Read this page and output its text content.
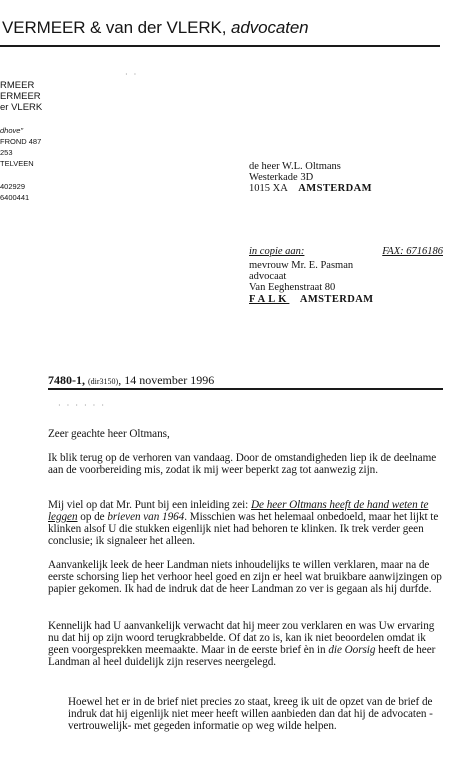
VERMEER & van der VLERK, advocaten
· ·
RMEER
ERMEER
er VLERK
dhove"
FROND 487
253
TELVEEN
402929
6400441
de heer W.L. Oltmans
Westerkade 3D
1015 XA AMSTERDAM
in copie aan:	FAX: 6716186
mevrouw Mr. E. Pasman
advocaat
Van Eeghenstraat 80
FALK AMSTERDAM
7480-1, (dir3150), 14 november 1996
· · · · · ·

Zeer geachte heer Oltmans,

Ik blik terug op de verhoren van vandaag. Door de omstandigheden liep ik de deelname aan de voorbereiding mis, zodat ik mij weer beperkt zag tot aanwezig zijn.

Mij viel op dat Mr. Punt bij een inleiding zei: De heer Oltmans heeft de hand weten te leggen op de brieven van 1964. Misschien was het helemaal onbedoeld, maar het lijkt te klinken alsof U die stukken eigenlijk niet had behoren te klinken. Ik trek verder geen conclusie; ik signaleer het alleen.

Aanvankelijk leek de heer Landman niets inhoudelijks te willen verklaren, maar na de eerste schorsing liep het verhoor heel goed en zijn er heel wat bruikbare aanwijzingen op papier gekomen. Ik had de indruk dat de heer Landman zo ver is gegaan als hij durfde.

Kennelijk had U aanvankelijk verwacht dat hij meer zou verklaren en was Uw ervaring nu dat hij op zijn woord terugkrabbelde. Of dat zo is, kan ik niet beoordelen omdat ik geen voorgesprekken meemaakte. Maar in de eerste brief èn in die Oorsig heeft de heer Landman al heel duidelijk zijn reserves neergelegd.

Hoewel het er in de brief niet precies zo staat, kreeg ik uit de opzet van de brief de indruk dat hij eigenlijk niet meer heeft willen aanbieden dan dat hij de advocaten -vertrouwelijk- met gegeden informatie op weg wilde helpen.
